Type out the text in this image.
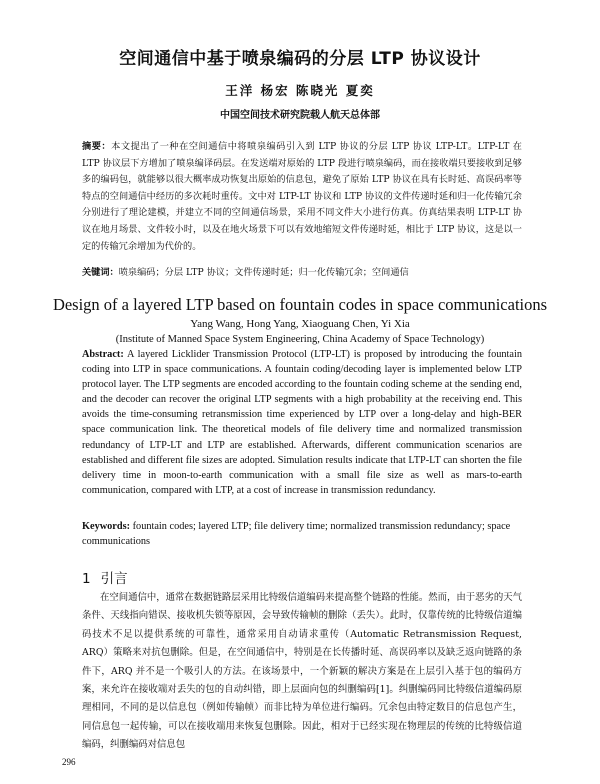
空间通信中基于喷泉编码的分层 LTP 协议设计
王洋 杨宏 陈晓光 夏奕
中国空间技术研究院载人航天总体部
摘要：本文提出了一种在空间通信中将喷泉编码引入到 LTP 协议的分层 LTP 协议 LTP-LT。LTP-LT 在 LTP 协议层下方增加了喷泉编译码层。在发送端对原始的 LTP 段进行喷泉编码，而在接收端只要接收到足够多的编码包，就能够以很大概率成功恢复出原始的信息包，避免了原始 LTP 协议在具有长时延、高误码率等特点的空间通信中经历的多次耗时重传。文中对 LTP-LT 协议和 LTP 协议的文件传递时延和归一化传输冗余分别进行了理论建模，并建立不同的空间通信场景，采用不同文件大小进行仿真。仿真结果表明 LTP-LT 协议在地月场景、文件较小时，以及在地火场景下可以有效地缩短文件传递时延，相比于 LTP 协议，这是以一定的传输冗余增加为代价的。
关键词：喷泉编码；分层 LTP 协议；文件传递时延；归一化传输冗余；空间通信
Design of a layered LTP based on fountain codes in space communications
Yang Wang, Hong Yang, Xiaoguang Chen, Yi Xia
(Institute of Manned Space System Engineering, China Academy of Space Technology)
Abstract: A layered Licklider Transmission Protocol (LTP-LT) is proposed by introducing the fountain coding into LTP in space communications. A fountain coding/decoding layer is implemented below LTP protocol layer. The LTP segments are encoded according to the fountain coding scheme at the sending end, and the decoder can recover the original LTP segments with a high probability at the receiving end. This avoids the time-consuming retransmission time experienced by LTP over a long-delay and high-BER space communication link. The theoretical models of file delivery time and normalized transmission redundancy of LTP-LT and LTP are established. Afterwards, different communication scenarios are established and different file sizes are adopted. Simulation results indicate that LTP-LT can shorten the file delivery time in moon-to-earth communication with a small file size as well as mars-to-earth communication, compared with LTP, at a cost of increase in transmission redundancy.
Keywords: fountain codes; layered LTP; file delivery time; normalized transmission redundancy; space communications
1 引言
在空间通信中，通常在数据链路层采用比特级信道编码来提高整个链路的性能。然而，由于恶劣的天气条件、天线指向错误、接收机失锁等原因，会导致传输帧的删除（丢失）。此时，仅靠传统的比特级信道编码技术不足以提供系统的可靠性，通常采用自动请求重传（Automatic Retransmission Request, ARQ）策略来对抗包删除。但是，在空间通信中，特别是在长传播时延、高误码率以及缺乏返向链路的条件下，ARQ 并不是一个吸引人的方法。在该场景中，一个新颖的解决方案是在上层引入基于包的编码方案，来允许在接收端对丢失的包的自动纠错，即上层面向包的纠删编码[1]。纠删编码同比特级信道编码原理相同，不同的是以信息包（例如传输帧）而非比特为单位进行编码。冗余包由特定数目的信息包产生，同信息包一起传输，可以在接收端用来恢复包删除。因此，相对于已经实现在物理层的传统的比特级信道编码，纠删编码对信息包
296
